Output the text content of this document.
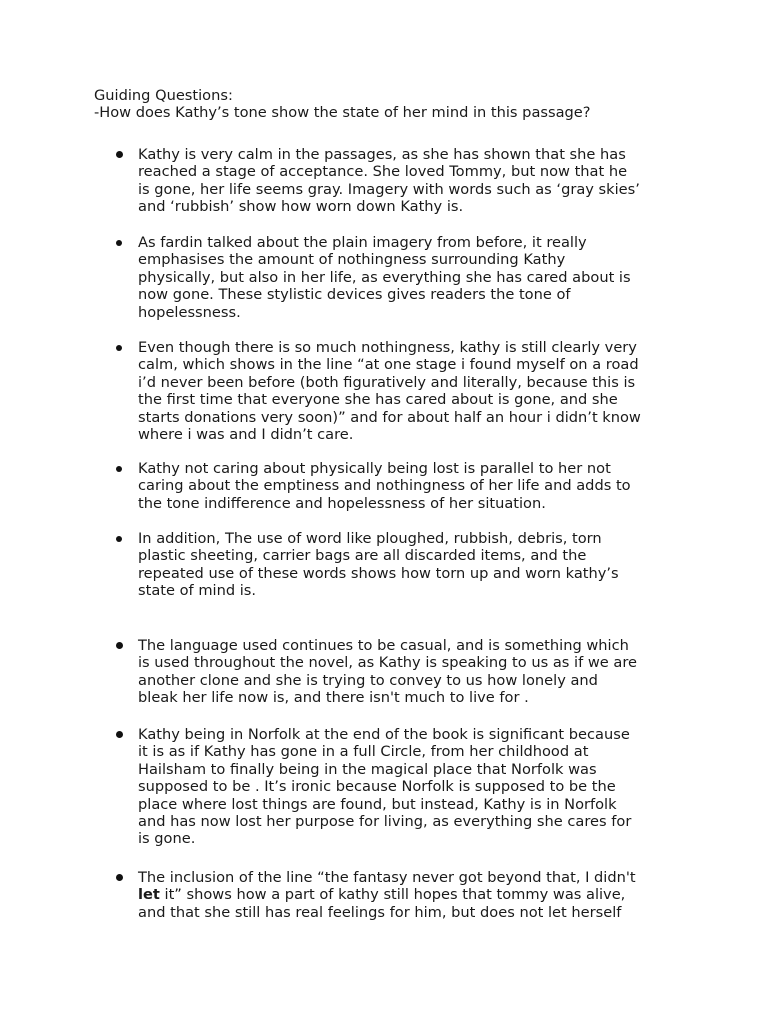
Guiding Questions:
-How does Kathy’s tone show the state of her mind in this passage?
Kathy is very calm in the passages, as she has shown that she has
reached a stage of acceptance. She loved Tommy, but now that he
is gone, her life seems gray. Imagery with words such as ‘gray skies’
and ‘rubbish’ show how worn down Kathy is.
As fardin talked about the plain imagery from before, it really
emphasises the amount of nothingness surrounding Kathy
physically, but also in her life, as everything she has cared about is
now gone. These stylistic devices gives readers the tone of
hopelessness.
Even though there is so much nothingness, kathy is still clearly very
calm, which shows in the line “at one stage i found myself on a road
i’d never been before (both figuratively and literally, because this is
the first time that everyone she has cared about is gone, and she
starts donations very soon)” and for about half an hour i didn’t know
where i was and I didn’t care.
Kathy not caring about physically being lost is parallel to her not
caring about the emptiness and nothingness of her life and adds to
the tone indifference and hopelessness of her situation.
In addition, The use of word like ploughed, rubbish, debris, torn
plastic sheeting, carrier bags are all discarded items, and the
repeated use of these words shows how torn up and worn kathy’s
state of mind is.
The language used continues to be casual, and is something which
is used throughout the novel, as Kathy is speaking to us as if we are
another clone and she is trying to convey to us how lonely and
bleak her life now is, and there isn't much to live for .
Kathy being in Norfolk at the end of the book is significant because
it is as if Kathy has gone in a full Circle, from her childhood at
Hailsham to finally being in the magical place that Norfolk was
supposed to be . It’s ironic because Norfolk is supposed to be the
place where lost things are found, but instead, Kathy is in Norfolk
and has now lost her purpose for living, as everything she cares for
is gone.
The inclusion of the line “the fantasy never got beyond that, I didn't
let it” shows how a part of kathy still hopes that tommy was alive,
and that she still has real feelings for him, but does not let herself
